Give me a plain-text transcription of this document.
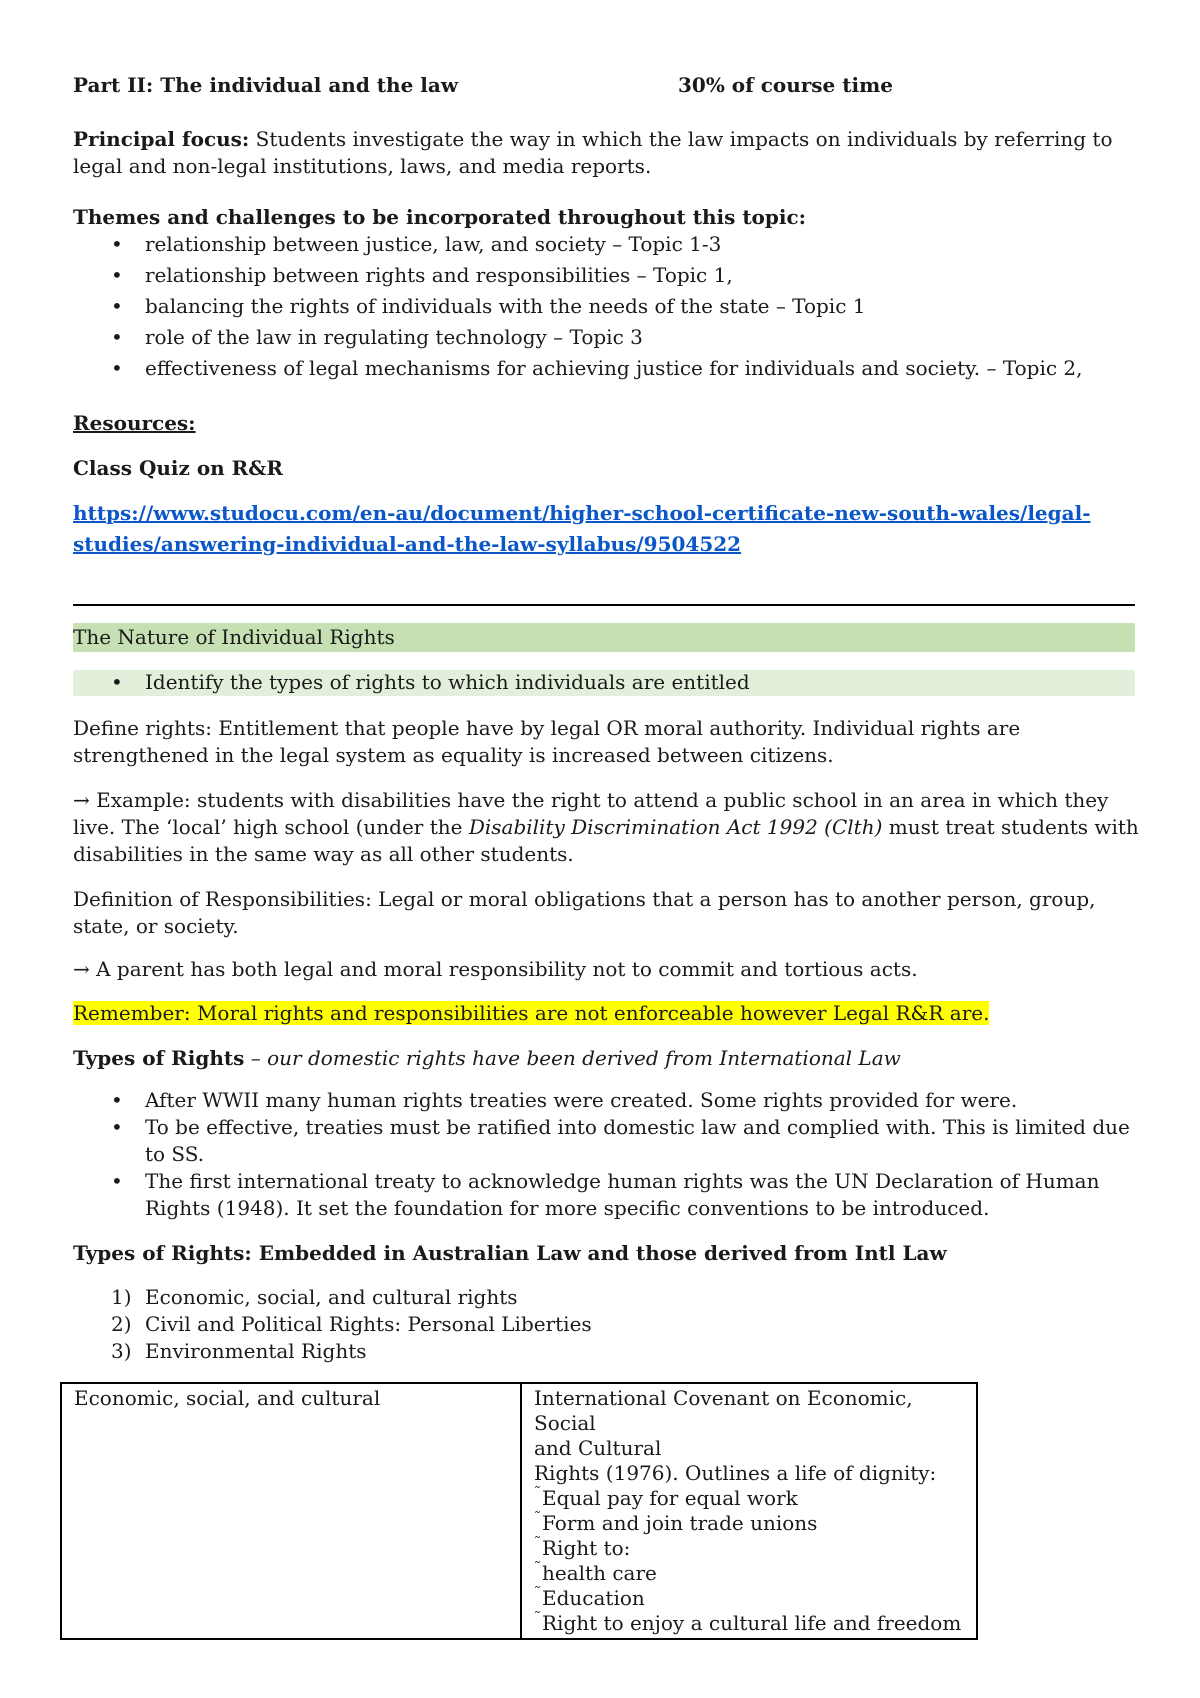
Part II: The individual and the law	30% of course time

Principal focus: Students investigate the way in which the law impacts on individuals by referring to legal and non-legal institutions, laws, and media reports.

Themes and challenges to be incorporated throughout this topic:

• relationship between justice, law, and society – Topic 1-3
• relationship between rights and responsibilities – Topic 1,
• balancing the rights of individuals with the needs of the state – Topic 1
• role of the law in regulating technology – Topic 3
• effectiveness of legal mechanisms for achieving justice for individuals and society. – Topic 2,

Resources:

Class Quiz on R&R

https://www.studocu.com/en-au/document/higher-school-certificate-new-south-wales/legal-
studies/answering-individual-and-the-law-syllabus/9504522
The Nature of Individual Rights
• Identify the types of rights to which individuals are entitled

Define rights: Entitlement that people have by legal OR moral authority. Individual rights are strengthened in the legal system as equality is increased between citizens.

→ Example: students with disabilities have the right to attend a public school in an area in which they live. The ‘local’ high school (under the Disability Discrimination Act 1992 (Clth) must treat students with disabilities in the same way as all other students.

Definition of Responsibilities: Legal or moral obligations that a person has to another person, group, state, or society.

→ A parent has both legal and moral responsibility not to commit and tortious acts.

Remember: Moral rights and responsibilities are not enforceable however Legal R&R are.

Types of Rights – our domestic rights have been derived from International Law

• After WWII many human rights treaties were created. Some rights provided for were.
• To be effective, treaties must be ratified into domestic law and complied with. This is limited due to SS.
• The first international treaty to acknowledge human rights was the UN Declaration of Human Rights (1948). It set the foundation for more specific conventions to be introduced.

Types of Rights: Embedded in Australian Law and those derived from Intl Law

1) Economic, social, and cultural rights
2) Civil and Political Rights: Personal Liberties
3) Environmental Rights
Economic, social, and cultural	International Covenant on Economic, Social
and Cultural
Rights (1976). Outlines a life of dignity:
˜Equal pay for equal work
˜Form and join trade unions
˜Right to:
˜health care
˜Education
˜Right to enjoy a cultural life and freedom
